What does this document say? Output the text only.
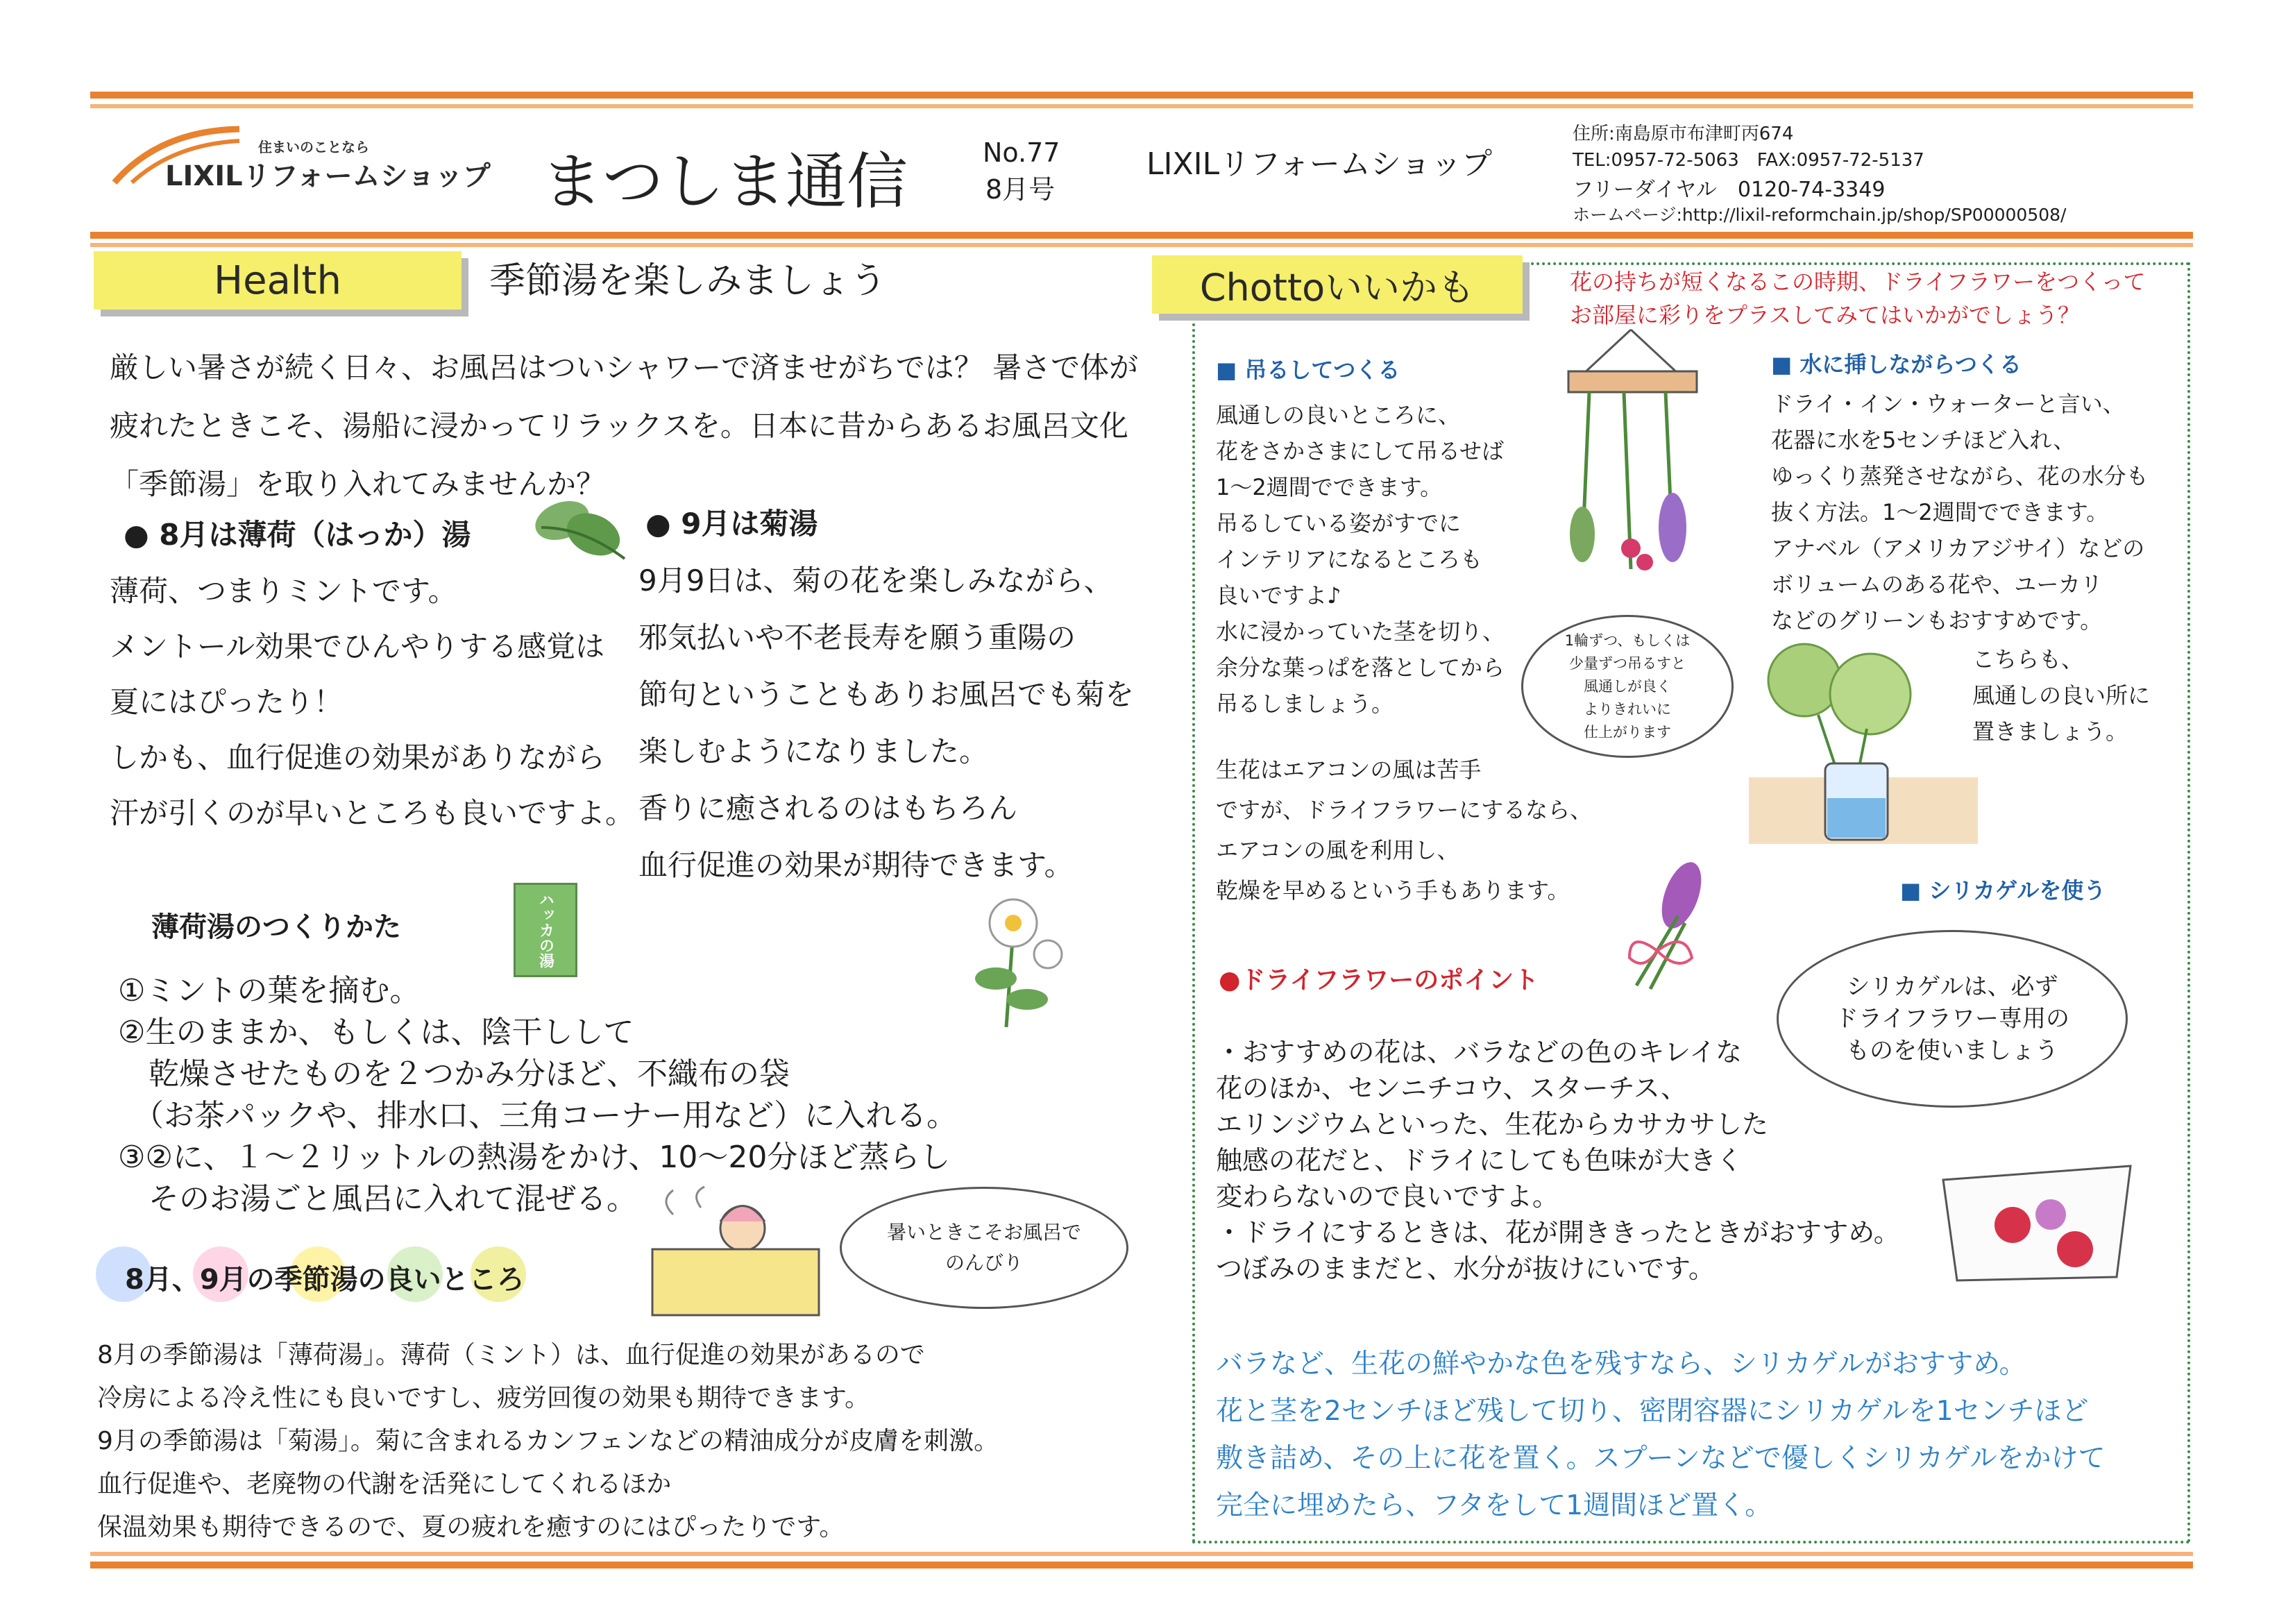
住まいのことなら
LIXILリフォームショップ まつしま通信	No.77
8月号
LIXILリフォームショップ
住所:南島原市布津町丙674
TEL:0957-72-5063　FAX:0957-72-5137
フリーダイヤル　0120-74-3349
ホームページ:http://lixil-reformchain.jp/shop/SP00000508/
Health	季節湯を楽しみましょう
厳しい暑さが続く日々、お風呂はついシャワーで済ませがちでは？ 暑さで体が
疲れたときこそ、湯船に浸かってリラックスを。日本に昔からあるお風呂文化
「季節湯」を取り入れてみませんか？
● 8月は薄荷（はっか）湯
薄荷、つまりミントです。
メントール効果でひんやりする感覚は
夏にはぴったり！
しかも、血行促進の効果がありながら
汗が引くのが早いところも良いですよ。
● 9月は菊湯
9月9日は、菊の花を楽しみながら、
邪気払いや不老長寿を願う重陽の
節句ということもありお風呂でも菊を
楽しむようになりました。
香りに癒されるのはもちろん
血行促進の効果が期待できます。
薄荷湯のつくりかた	ハッカの湯
①ミントの葉を摘む。
②生のままか、もしくは、陰干しして
　乾燥させたものを２つかみ分ほど、不織布の袋
　（お茶パックや、排水口、三角コーナー用など）に入れる。
③②に、１～２リットルの熱湯をかけ、10～20分ほど蒸らし
　そのお湯ごと風呂に入れて混ぜる。
暑いときこそお風呂で
のんびり
8月、9月の季節湯の良いところ
8月の季節湯は「薄荷湯」。薄荷（ミント）は、血行促進の効果があるので
冷房による冷え性にも良いですし、疲労回復の効果も期待できます。
9月の季節湯は「菊湯」。菊に含まれるカンフェンなどの精油成分が皮膚を刺激。
血行促進や、老廃物の代謝を活発にしてくれるほか
保温効果も期待できるので、夏の疲れを癒すのにはぴったりです。
Chottoいいかも	花の持ちが短くなるこの時期、ドライフラワーをつくって
お部屋に彩りをプラスしてみてはいかがでしょう？
■ 吊るしてつくる
風通しの良いところに、
花をさかさまにして吊るせば
1～2週間でできます。
吊るしている姿がすでに
インテリアになるところも
良いですよ♪
水に浸かっていた茎を切り、
余分な葉っぱを落としてから
吊るしましょう。
1輪ずつ、もしくは
少量ずつ吊るすと
風通しが良く
よりきれいに
仕上がります
■ 水に挿しながらつくる
ドライ・イン・ウォーターと言い、
花器に水を5センチほど入れ、
ゆっくり蒸発させながら、花の水分も
抜く方法。1～2週間でできます。
アナベル（アメリカアジサイ）などの
ボリュームのある花や、ユーカリ
などのグリーンもおすすめです。
こちらも、
風通しの良い所に
置きましょう。
生花はエアコンの風は苦手
ですが、ドライフラワーにするなら、
エアコンの風を利用し、
乾燥を早めるという手もあります。
■	シリカゲルを使う
シリカゲルは、必ず
ドライフラワー専用の
ものを使いましょう
●ドライフラワーのポイント
・おすすめの花は、バラなどの色のキレイな
花のほか、センニチコウ、スターチス、
エリンジウムといった、生花からカサカサした
触感の花だと、ドライにしても色味が大きく
変わらないので良いですよ。
・ドライにするときは、花が開ききったときがおすすめ。
つぼみのままだと、水分が抜けにいです。
バラなど、生花の鮮やかな色を残すなら、シリカゲルがおすすめ。
花と茎を2センチほど残して切り、密閉容器にシリカゲルを1センチほど
敷き詰め、その上に花を置く。スプーンなどで優しくシリカゲルをかけて
完全に埋めたら、フタをして1週間ほど置く。
